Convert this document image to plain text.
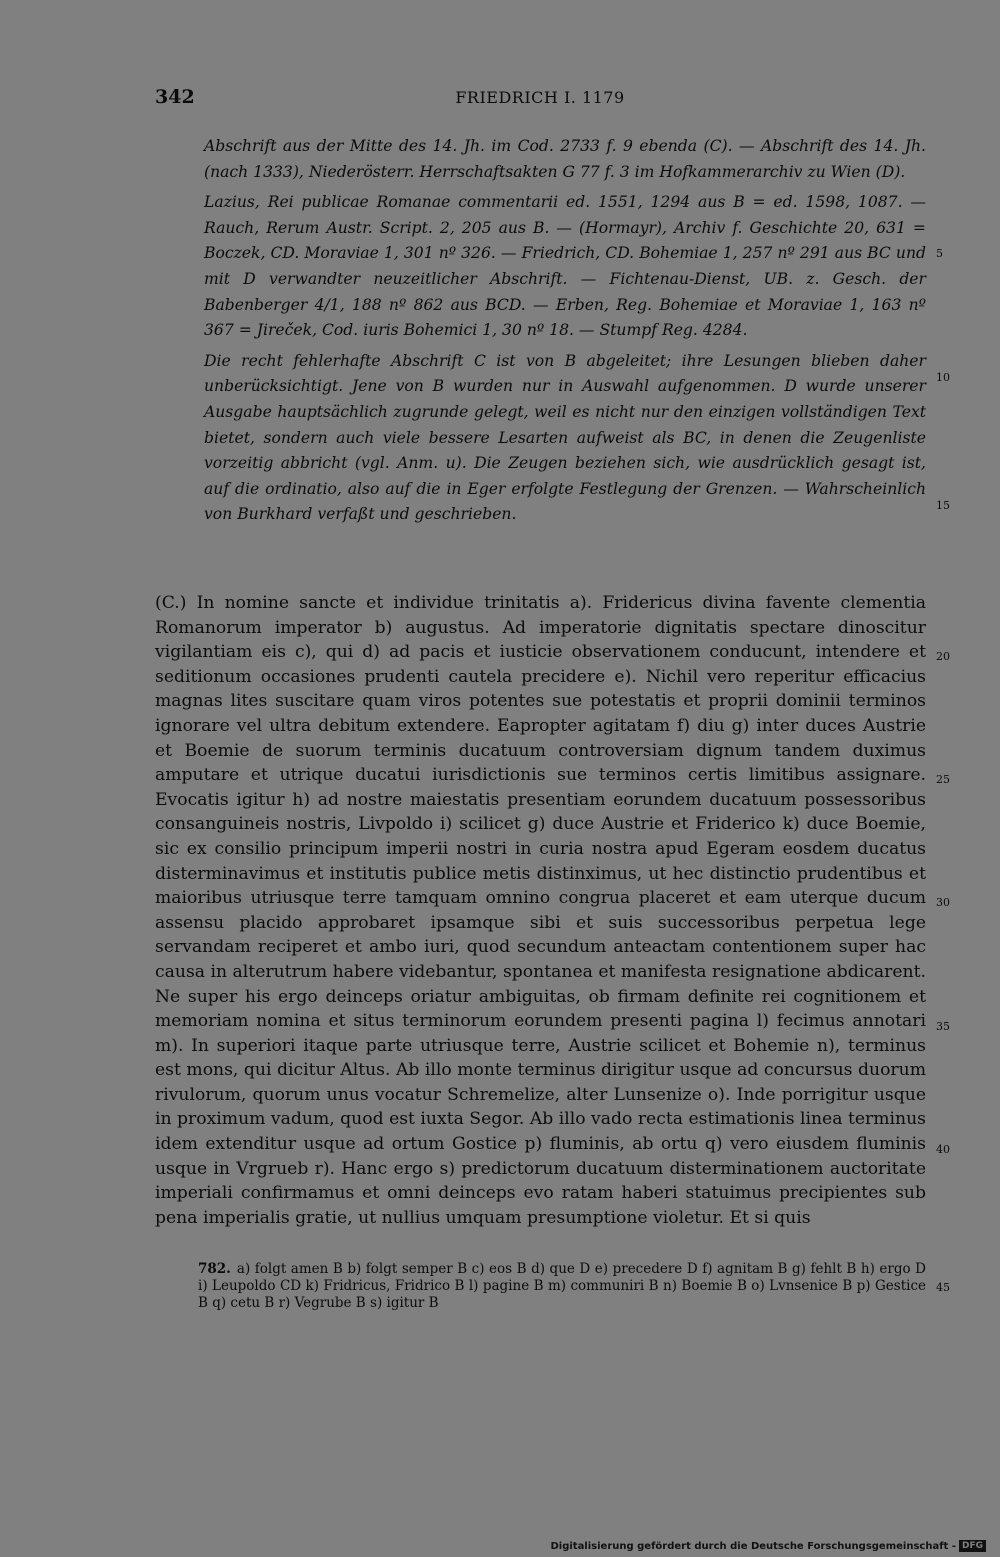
342	FRIEDRICH I. 1179

Abschrift aus der Mitte des 14. Jh. im Cod. 2733 f. 9 ebenda (C). — Abschrift des 14. Jh. (nach 1333), Niederösterr. Herrschaftsakten G 77 f. 3 im Hofkammerarchiv zu Wien (D).

Lazius, Rei publicae Romanae commentarii ed. 1551, 1294 aus B = ed. 1598, 1087. — Rauch, Rerum Austr. Script. 2, 205 aus B. — (Hormayr), Archiv f. Geschichte 20, 631 = Boczek, CD. Moraviae 1, 301 nº 326. — Friedrich, CD. Bohemiae 1, 257 nº 291 aus BC und mit D verwandter neuzeitlicher Abschrift. — Fichtenau-Dienst, UB. z. Gesch. der Babenberger 4/1, 188 nº 862 aus BCD. — Erben, Reg. Bohemiae et Moraviae 1, 163 nº 367 = Jireček, Cod. iuris Bohemici 1, 30 nº 18. — Stumpf Reg. 4284.

Die recht fehlerhafte Abschrift C ist von B abgeleitet; ihre Lesungen blieben daher unberücksichtigt. Jene von B wurden nur in Auswahl aufgenommen. D wurde unserer Ausgabe hauptsächlich zugrunde gelegt, weil es nicht nur den einzigen vollständigen Text bietet, sondern auch viele bessere Lesarten aufweist als BC, in denen die Zeugenliste vorzeitig abbricht (vgl. Anm. u). Die Zeugen beziehen sich, wie ausdrücklich gesagt ist, auf die ordinatio, also auf die in Eger erfolgte Festlegung der Grenzen. — Wahrscheinlich von Burkhard verfaßt und geschrieben.

(C.) In nomine sancte et individue trinitatis a). Fridericus divina favente clementia Romanorum imperator b) augustus. Ad imperatorie dignitatis spectare dinoscitur vigilantiam eis c), qui d) ad pacis et iusticie observationem conducunt, intendere et seditionum occasiones prudenti cautela precidere e). Nichil vero reperitur efficacius magnas lites suscitare quam viros potentes sue potestatis et proprii dominii terminos ignorare vel ultra debitum extendere. Eapropter agitatam f) diu g) inter duces Austrie et Boemie de suorum terminis ducatuum controversiam dignum tandem duximus amputare et utrique ducatui iurisdictionis sue terminos certis limitibus assignare. Evocatis igitur h) ad nostre maiestatis presentiam eorundem ducatuum possessoribus consanguineis nostris, Livpoldo i) scilicet g) duce Austrie et Friderico k) duce Boemie, sic ex consilio principum imperii nostri in curia nostra apud Egeram eosdem ducatus disterminavimus et institutis publice metis distinximus, ut hec distinctio prudentibus et maioribus utriusque terre tamquam omnino congrua placeret et eam uterque ducum assensu placido approbaret ipsamque sibi et suis successoribus perpetua lege servandam reciperet et ambo iuri, quod secundum anteactam contentionem super hac causa in alterutrum habere videbantur, spontanea et manifesta resignatione abdicarent. Ne super his ergo deinceps oriatur ambiguitas, ob firmam definite rei cognitionem et memoriam nomina et situs terminorum eorundem presenti pagina l) fecimus annotari m). In superiori itaque parte utriusque terre, Austrie scilicet et Bohemie n), terminus est mons, qui dicitur Altus. Ab illo monte terminus dirigitur usque ad concursus duorum rivulorum, quorum unus vocatur Schremelize, alter Lunsenize o). Inde porrigitur usque in proximum vadum, quod est iuxta Segor. Ab illo vado recta estimationis linea terminus idem extenditur usque ad ortum Gostice p) fluminis, ab ortu q) vero eiusdem fluminis usque in Vrgrueb r). Hanc ergo s) predictorum ducatuum disterminationem auctoritate imperiali confirmamus et omni deinceps evo ratam haberi statuimus precipientes sub pena imperialis gratie, ut nullius umquam presumptione violetur. Et si quis

5
10
15
20
25
30
35
40
45

782. a) folgt amen B b) folgt semper B c) eos B d) que D e) precedere D f) agnitam B g) fehlt B h) ergo D i) Leupoldo CD k) Fridricus, Fridrico B l) pagine B m) communiri B n) Boemie B o) Lvnsenice B p) Gestice B q) cetu B r) Vegrube B s) igitur B

Digitalisierung gefördert durch die Deutsche Forschungsgemeinschaft - DFG
